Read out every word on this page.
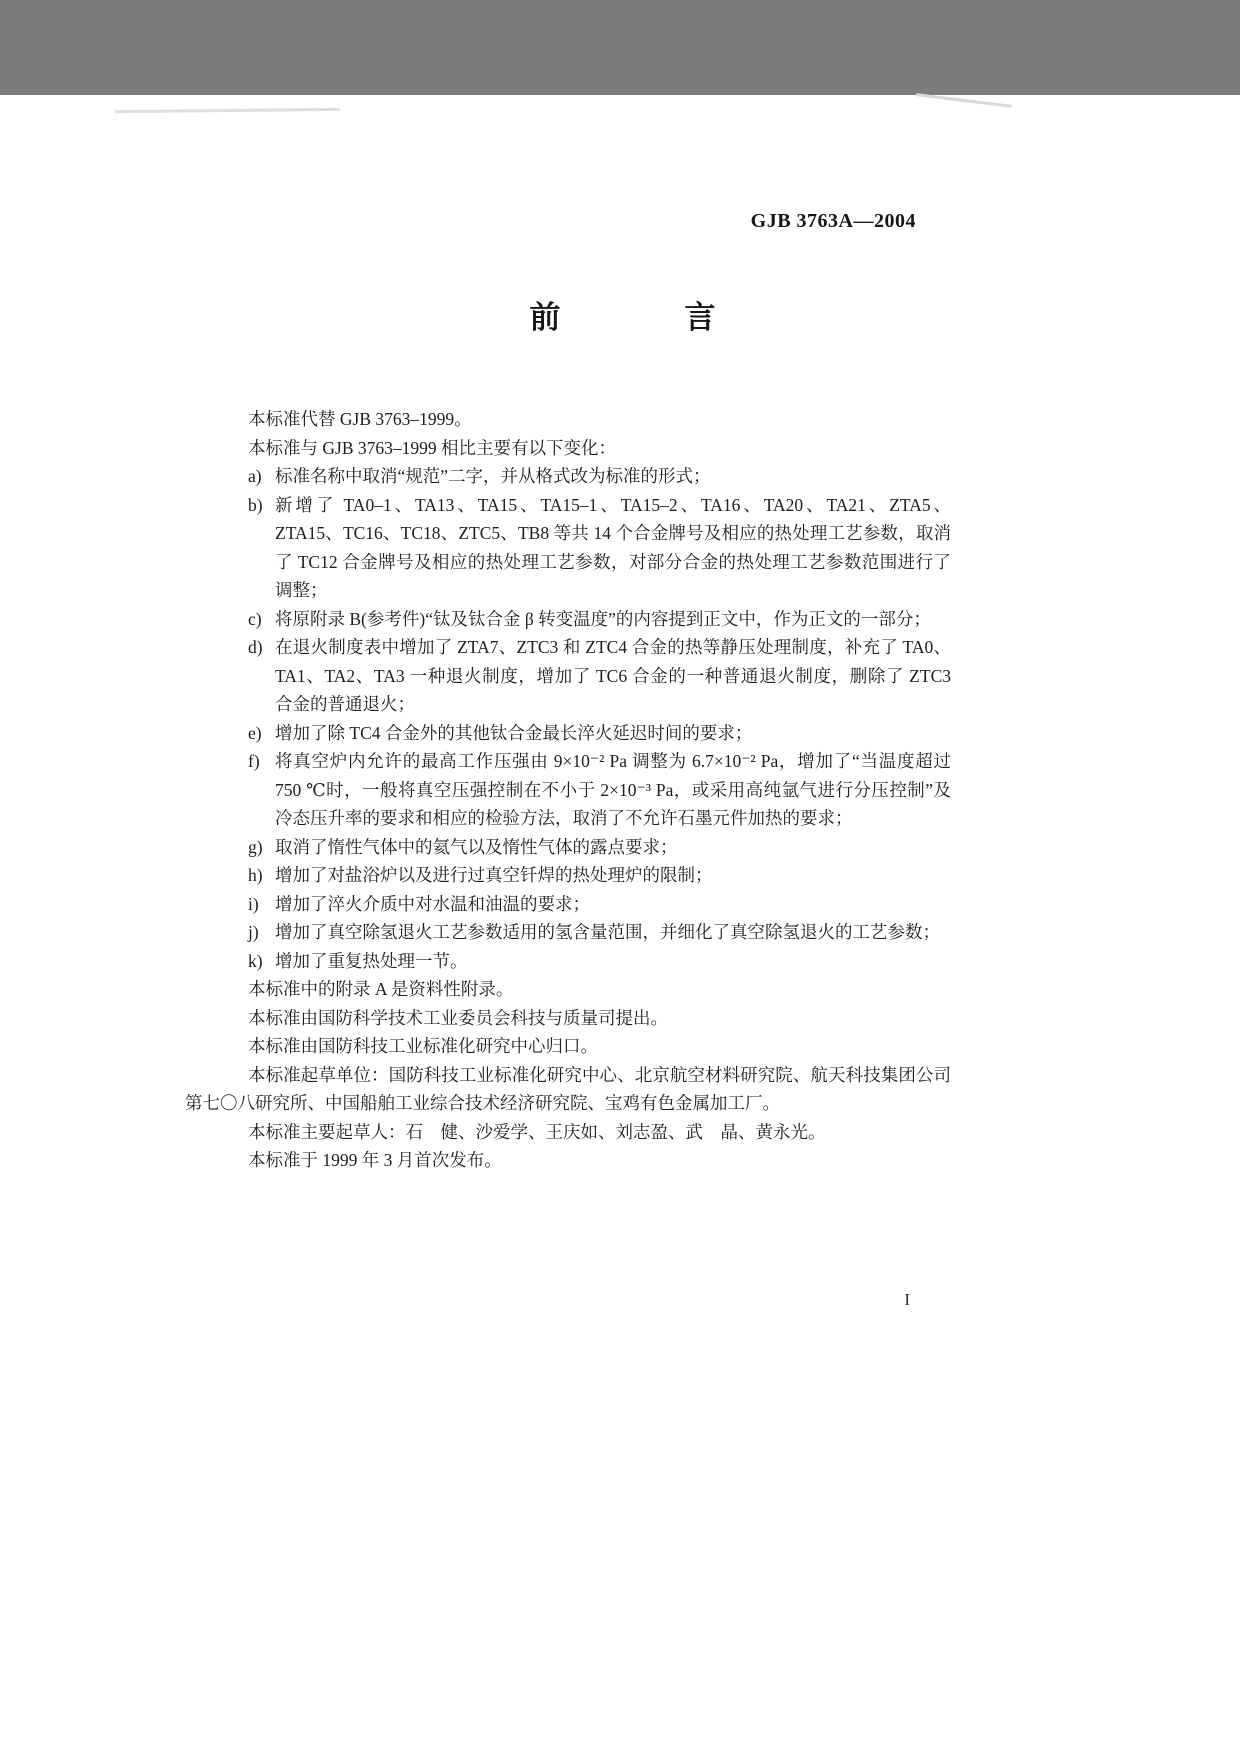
GJB 3763A—2004
前　　　　言

本标准代替 GJB 3763–1999。

本标准与 GJB 3763–1999 相比主要有以下变化：

a) 标准名称中取消“规范”二字，并从格式改为标准的形式；
b) 新增了 TA0–1、TA13、TA15、TA15–1、TA15–2、TA16、TA20、TA21、ZTA5、ZTA15、TC16、TC18、ZTC5、TB8 等共 14 个合金牌号及相应的热处理工艺参数，取消了 TC12 合金牌号及相应的热处理工艺参数，对部分合金的热处理工艺参数范围进行了调整；
c) 将原附录 B(参考件)“钛及钛合金 β 转变温度”的内容提到正文中，作为正文的一部分；
d) 在退火制度表中增加了 ZTA7、ZTC3 和 ZTC4 合金的热等静压处理制度，补充了 TA0、TA1、TA2、TA3 一种退火制度，增加了 TC6 合金的一种普通退火制度，删除了 ZTC3 合金的普通退火；
e) 增加了除 TC4 合金外的其他钛合金最长淬火延迟时间的要求；
f) 将真空炉内允许的最高工作压强由 9×10⁻² Pa 调整为 6.7×10⁻² Pa，增加了“当温度超过 750 ℃时，一般将真空压强控制在不小于 2×10⁻³ Pa，或采用高纯氩气进行分压控制”及冷态压升率的要求和相应的检验方法，取消了不允许石墨元件加热的要求；
g) 取消了惰性气体中的氦气以及惰性气体的露点要求；
h) 增加了对盐浴炉以及进行过真空钎焊的热处理炉的限制；
i) 增加了淬火介质中对水温和油温的要求；
j) 增加了真空除氢退火工艺参数适用的氢含量范围，并细化了真空除氢退火的工艺参数；
k) 增加了重复热处理一节。

本标准中的附录 A 是资料性附录。

本标准由国防科学技术工业委员会科技与质量司提出。

本标准由国防科技工业标准化研究中心归口。

本标准起草单位：国防科技工业标准化研究中心、北京航空材料研究院、航天科技集团公司第七〇八研究所、中国船舶工业综合技术经济研究院、宝鸡有色金属加工厂。

本标准主要起草人：石　健、沙爱学、王庆如、刘志盈、武　晶、黄永光。

本标准于 1999 年 3 月首次发布。

I
